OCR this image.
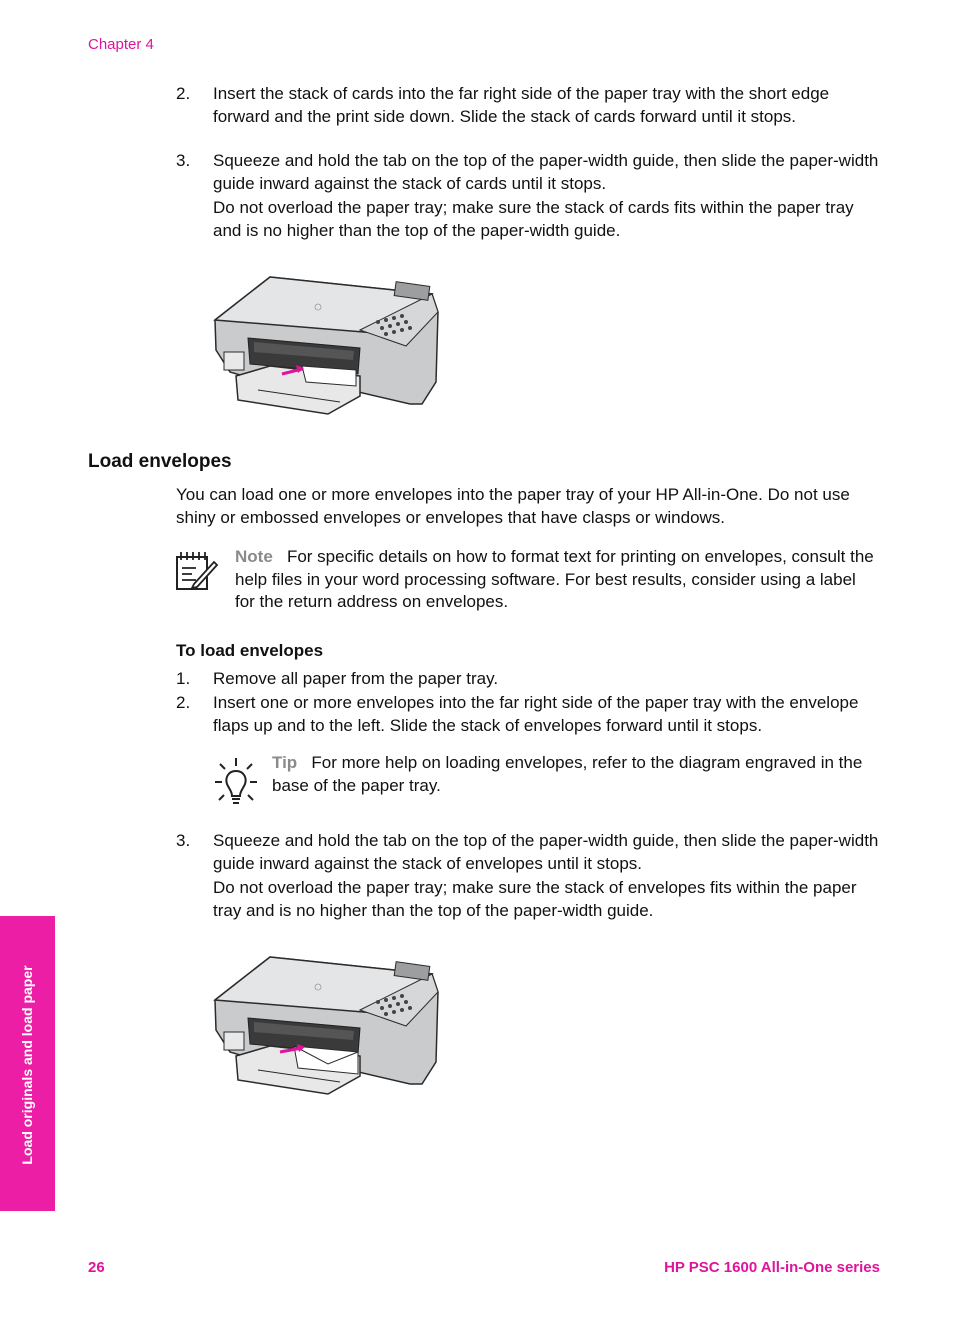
Chapter 4
2.	Insert the stack of cards into the far right side of the paper tray with the short edge forward and the print side down. Slide the stack of cards forward until it stops.
3.	Squeeze and hold the tab on the top of the paper-width guide, then slide the paper-width guide inward against the stack of cards until it stops.
Do not overload the paper tray; make sure the stack of cards fits within the paper tray and is no higher than the top of the paper-width guide.
Load envelopes
You can load one or more envelopes into the paper tray of your HP All-in-One. Do not use shiny or embossed envelopes or envelopes that have clasps or windows.
Note For specific details on how to format text for printing on envelopes, consult the help files in your word processing software. For best results, consider using a label for the return address on envelopes.
To load envelopes
1.	Remove all paper from the paper tray.
2.	Insert one or more envelopes into the far right side of the paper tray with the envelope flaps up and to the left. Slide the stack of envelopes forward until it stops.
Tip For more help on loading envelopes, refer to the diagram engraved in the base of the paper tray.
3.	Squeeze and hold the tab on the top of the paper-width guide, then slide the paper-width guide inward against the stack of envelopes until it stops.
Do not overload the paper tray; make sure the stack of envelopes fits within the paper tray and is no higher than the top of the paper-width guide.
Load originals and load paper
26	HP PSC 1600 All-in-One series
